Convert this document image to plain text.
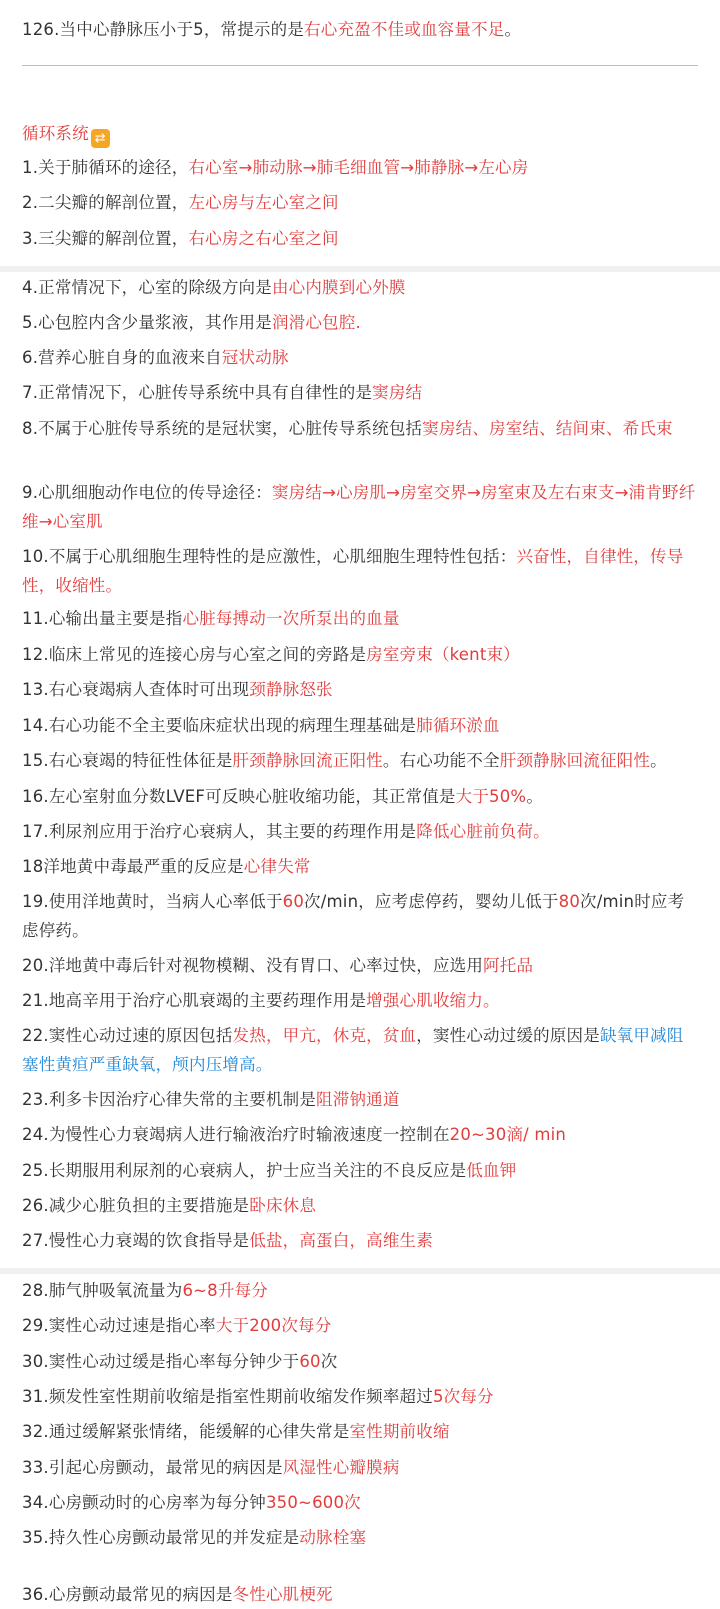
126.当中心静脉压小于5，常提示的是右心充盈不佳或血容量不足。
循环系统 ⇄
1.关于肺循环的途径，右心室→肺动脉→肺毛细血管→肺静脉→左心房
2.二尖瓣的解剖位置，左心房与左心室之间
3.三尖瓣的解剖位置，右心房之右心室之间
4.正常情况下，心室的除级方向是由心内膜到心外膜
5.心包腔内含少量浆液，其作用是润滑心包腔.
6.营养心脏自身的血液来自冠状动脉
7.正常情况下，心脏传导系统中具有自律性的是窦房结
8.不属于心脏传导系统的是冠状窦，心脏传导系统包括窦房结、房室结、结间束、希氏束
9.心肌细胞动作电位的传导途径：窦房结→心房肌→房室交界→房室束及左右束支→浦肯野纤维→心室肌
10.不属于心肌细胞生理特性的是应激性，心肌细胞生理特性包括：兴奋性，自律性，传导性，收缩性。
11.心输出量主要是指心脏每搏动一次所泵出的血量
12.临床上常见的连接心房与心室之间的旁路是房室旁束（kent束）
13.右心衰竭病人查体时可出现颈静脉怒张
14.右心功能不全主要临床症状出现的病理生理基础是肺循环淤血
15.右心衰竭的特征性体征是肝颈静脉回流正阳性。右心功能不全肝颈静脉回流征阳性。
16.左心室射血分数LVEF可反映心脏收缩功能，其正常值是大于50%。
17.利尿剂应用于治疗心衰病人，其主要的药理作用是降低心脏前负荷。
18洋地黄中毒最严重的反应是心律失常
19.使用洋地黄时，当病人心率低于60次/min，应考虑停药，婴幼儿低于80次/min时应考虑停药。
20.洋地黄中毒后针对视物模糊、没有胃口、心率过快，应选用阿托品
21.地高辛用于治疗心肌衰竭的主要药理作用是增强心肌收缩力。
22.窦性心动过速的原因包括发热，甲亢，休克，贫血，窦性心动过缓的原因是缺氧甲减阻塞性黄疸严重缺氧，颅内压增高。
23.利多卡因治疗心律失常的主要机制是阻滞钠通道
24.为慢性心力衰竭病人进行输液治疗时输液速度一控制在20~30滴/ min
25.长期服用利尿剂的心衰病人，护士应当关注的不良反应是低血钾
26.减少心脏负担的主要措施是卧床休息
27.慢性心力衰竭的饮食指导是低盐，高蛋白，高维生素
28.肺气肿吸氧流量为6~8升每分
29.窦性心动过速是指心率大于200次每分
30.窦性心动过缓是指心率每分钟少于60次
31.频发性室性期前收缩是指室性期前收缩发作频率超过5次每分
32.通过缓解紧张情绪，能缓解的心律失常是室性期前收缩
33.引起心房颤动，最常见的病因是风湿性心瓣膜病
34.心房颤动时的心房率为每分钟350~600次
35.持久性心房颤动最常见的并发症是动脉栓塞
36.心房颤动最常见的病因是冬性心肌梗死
